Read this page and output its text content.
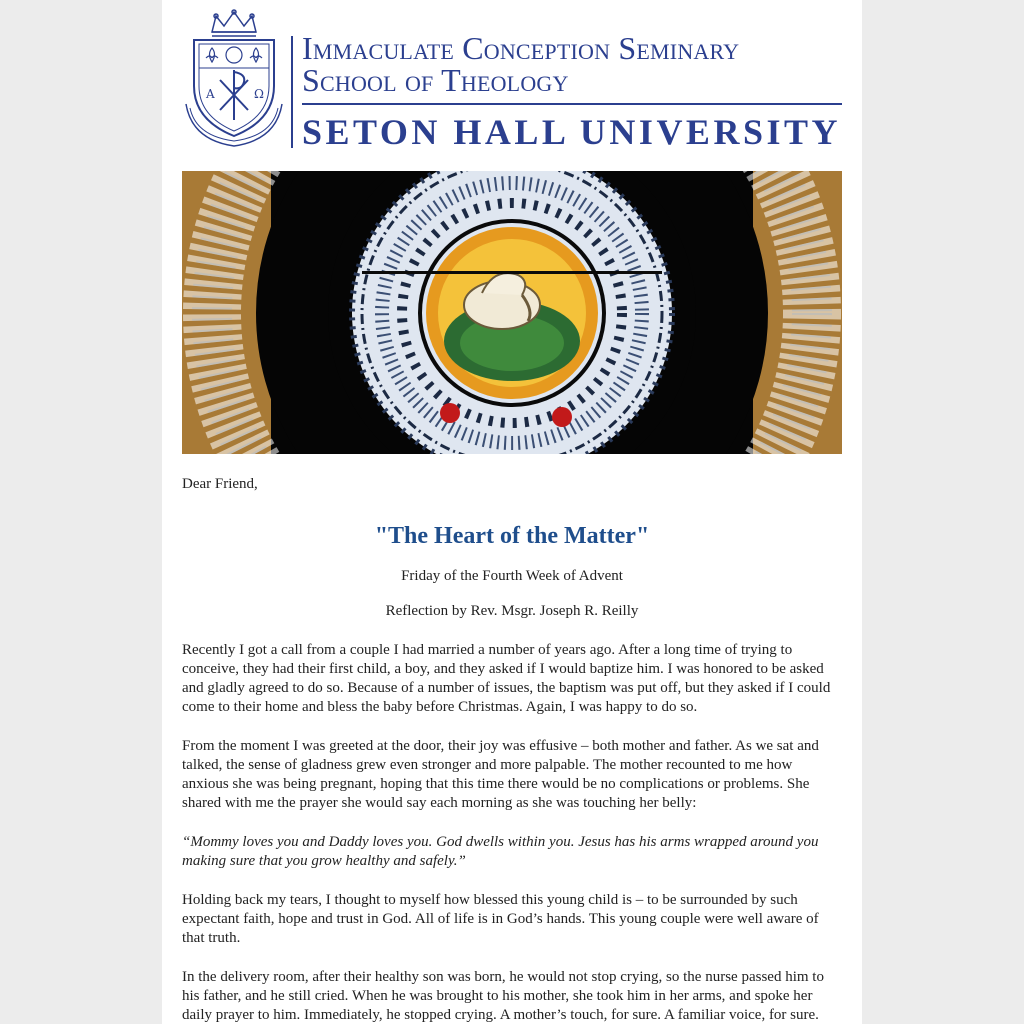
A	Ω
Immaculate Conception Seminary
School of Theology
SETON HALL UNIVERSITY

Dear Friend,

"The Heart of the Matter"

Friday of the Fourth Week of Advent

Reflection by Rev. Msgr. Joseph R. Reilly

Recently I got a call from a couple I had married a number of years ago. After a long time of trying to conceive, they had their first child, a boy, and they asked if I would baptize him. I was honored to be asked and gladly agreed to do so. Because of a number of issues, the baptism was put off, but they asked if I could come to their home and bless the baby before Christmas. Again, I was happy to do so.

From the moment I was greeted at the door, their joy was effusive – both mother and father. As we sat and talked, the sense of gladness grew even stronger and more palpable. The mother recounted to me how anxious she was being pregnant, hoping that this time there would be no complications or problems. She shared with me the prayer she would say each morning as she was touching her belly:

“Mommy loves you and Daddy loves you. God dwells within you. Jesus has his arms wrapped around you making sure that you grow healthy and safely.”

Holding back my tears, I thought to myself how blessed this young child is – to be surrounded by such expectant faith, hope and trust in God. All of life is in God’s hands. This young couple were well aware of that truth.

In the delivery room, after their healthy son was born, he would not stop crying, so the nurse passed him to his father, and he still cried. When he was brought to his mother, she took him in her arms, and spoke her daily prayer to him. Immediately, he stopped crying. A mother’s touch, for sure. A familiar voice, for sure.
